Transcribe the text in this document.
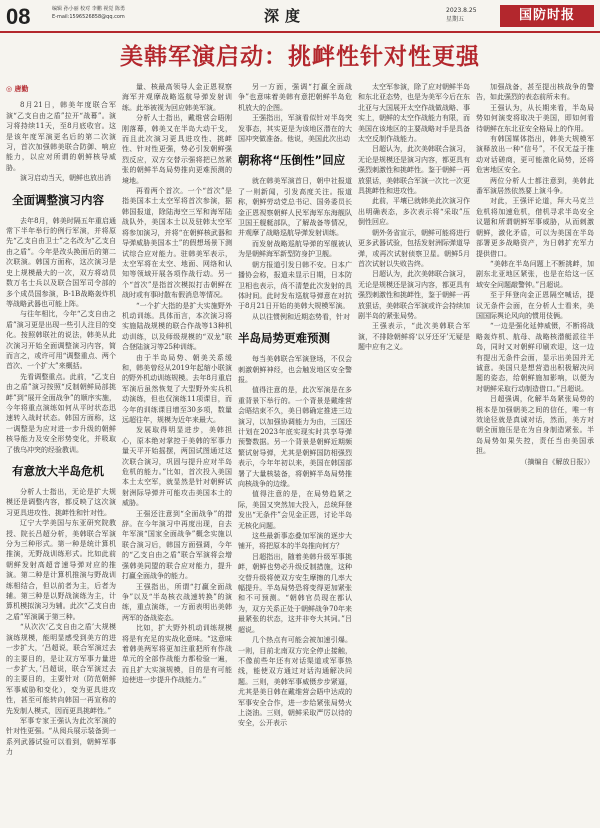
08	编辑 孙小丽 校对 李鹏 视觉 陈勇
E-mail:1596526858@qq.com	深度	2023.8.25
星期五	国防时报
美韩军演启动：挑衅性针对性更强
◎ 唐勤

8月21日，韩美年度联合军演“乙支自由之盾”拉开“战幕”。演习将持续11天，至8月底收官。这是该年度军演更名后的第二次演习，首次加强韩美联合防御、响应能力，以应对所谓的朝鲜核导威胁。

演习启动当天，朝鲜也放出消

全面调整演习内容

去年8月，韩美时隔五年重启通常下半年举行的例行军演，并将原先“乙支自由卫士”之名改为“乙支自由之盾”。今年是改头换面后的第二次联演。韩国方面称，这次演习是史上规模最大的一次，双方将动员数万名士兵以及联合国军司令部的多个成员国参演，B-1B战略轰炸机等战略武器也可能上阵。

与往年相比，今年“乙支自由之盾”演习更是出现一些引人注目的变化。按照韩联社的说法，韩美从此次演习开始全面调整演习内容，简而言之，或许可用“调整重点、两个首次、一个扩大”来概括。

先看调整重点。此前，“乙支自由之盾”演习按照“反制朝鲜局部挑衅”到“展开全面战争”的顺序实施，今年将重点演练如何从平时状态迅速转入战时状态。韩国方面称，这一调整是为应对进一步升级的朝鲜核导能力及安全形势变化，并吸取了俄乌冲突的经验教训。

有意放大半岛危机

分析人士指出，无论是扩大规模还是调整内容，都反映了这次演习更具进攻性、挑衅性和针对性。

辽宁大学美国与东亚研究院教授、院长吕超分析，美韩联合军演分为三种形式。第一种是统计算机推演，无野战训练形式。比如此前朝鲜发射高超音速导弹对应的推演。第二种是计算机推演与野战训练相结合，但以前者为主，后者为辅。第三种是以野战演练为主，计算机模拟演习为辅。此次“乙支自由之盾”军演属于第三种。

“从次次‘乙支自由之盾’大规模演练规模，能明显感受到美方的进一步扩大，‘吕超说，联合军演过去的主要目的，是让双方军事力量进一步扩大，’吕超说，联合军演过去的主要目的，主要针对（防范朝鲜军事威胁和变化），变为更具进攻性，甚至可能转向韩国一再宣称的先发制人模式，因而更具挑衅性。”

军事专家王强认为此次军演的针对性更强。“从阅兵展示装备到一系列武器试验可以看到，朝鲜军事力

量、核最高领导人金正恩视察海军并观摩战略巡航导弹发射训练。此举被视为回应韩美军演。

分析人士指出，戴维营会晤刚刚落幕，韩美又在半岛大动干戈，而且此次演习更具进攻性、挑衅性、针对性更强，势必引发朝鲜强烈反应，双方交替示强将把已然紧张的朝鲜半岛局势推向更难预测的境地。

再看两个首次。一个“首次”是指美国本土太空军将首次参演，据韩国报道，除陆海空三军和海军陆战队外，美国本土以及驻韩太空军将参加演习，并将“在朝鲜核武器和导弹威胁美国本土”的假想场景下测试综合应对能力。驻韩美军表示，太空军将在太空、地面、网络和认知等领域开展各项作战行动。另一个“首次”是指首次模拟打击朝鲜在战时或有事时散布假消息等情况。

“一个扩大指的是扩大实施野外机动训练。具体而言，本次演习将实施陆战规模的联合作战等13种机动训练，以及师级规模的“双龙”联合登陆演习等25种训练。

由于半岛局势、朝美关系缓和，韩美曾经从2019年起缩小联演的野外机动训练规模。去年8月重启军演后虽然恢复了大型野外实兵机动演练，但也仅演练11项课目，而今年的训练课目增至30多项，数量远超往年，规模为近年来最大。

发展取得明显进步，美韩担心，原本绝对掌控于美韩的军事力量天平开始摇摆，两国试图通过这次联合演习，巩固与提升应对半岛危机的能力。”比如，首次投入美国本土太空军，就显然是针对朝鲜试射洲际导弹并可能攻击美国本土的威胁。

王强还注意到“全面战争”的措辞。在今年演习中再度出现，自去年军演“国家全面战争”概念实施以联合演习后，韩国方面强调，今年的“乙支自由之盾”联合军演将会增强韩美同盟的联合应对能力，提升打赢全面战争的能力。

王强指出，所谓“打赢全面战争”以及“半岛核衣战速转换”的演练，重点演练，一方面表明出美韩两军的备战姿态。

比如，扩大野外机动训练规模将是有充足的实战化意味。“这意味着韩美两军将更加注重把所有作战单元的全部作战能力都检验一遍，而且扩大实演规模，目的是有可能迫使进一步提升作战能力。”

另一方面，强调“打赢全面战争”也意味着美韩有意把朝鲜半岛危机放大的企图。

王强指出，军演看似针对半岛突发事态，其实更是为该地区潜在的大国冲突做准备。他说，美国此次出动

朝称将“压倒性”回应

就在韩美军演首日，朝中社报道了一则新闻，引发高度关注。报道称，朝鲜劳动党总书记、国务委员长金正恩视察朝鲜人民军海军东海舰队卫国王舰艇部队，了解战备等情况，并观摩了战略巡航导弹发射训练。

而发射战略巡航导弹的军舰被认为是朝鲜海军新型防身护卫舰。

朝方报道引发日韩不安。日本广播协会称，报道未显示日期，日本防卫相也表示，尚不清楚此次发射的具体时间。此时发布巡航导弹意在对抗于8月21日开始的美韩大规模军演。

从以往惯例和近期态势看，针对

半岛局势更难预测

每当美韩联合军演登场，不仅会刺激朝鲜神经，也会触发地区安全警报。

值得注意的是，此次军演是在多重背景下举行的。一个背景是戴维营会晤结束不久，美日韩确定推进三边演习，以加强协调能力为由，三国还计划在2023年底实现实时共享导弹预警数据。另一个背景是朝鲜近期频繁试射导弹，尤其是朝鲜国防相强烈表示，今年年初以来，美国在韩国部署了大量核装备，将朝鲜半岛局势推向核战争的边缘。

值得注意的是，在局势趋紧之际，美国又突然加大投入，总统拜登发出“无条件”会见金正恩，讨论半岛无核化问题。

这些最新事态叠加军演的逐步大铺开，将把原本的半岛推向何方？

吕超指出，随着美韩升级军事挑衅，朝鲜也势必升级反制措施，这种交替升级将使双方安生摩擦的几率大幅提升。半岛局势恐将变得更加紧张和不可预测。“朝韩官员现在都认为，双方关系正处于朝鲜战争70年来最紧张的状态，这并非夸大其词。”吕超说。

几个热点有可能会被加速引爆。一则，目前北南双方完全停止接触，不像前些年还有对话渠道或军事热线，能使双方通过对话沟通解决问题。三则，美韩军事威慑步步紧逼，尤其是美日韩在戴维营会晤中达成的军事安全合作，进一步给紧张局势火上浇油。三则，朝鲜采取严厉以待的安全，公开表示

太空军参演，除了应对朝鲜半岛和东北亚态势，也是为美军今后在东北亚与大国展开太空作战做战略、事实上，朝鲜的太空作战能力有限，而美国在该地区的主要战略对手是具备太空反制作战能力。

吕超认为，此次美韩联合演习，无论是规模还是演习内容，都更具有强烈刺激性和挑衅性。鉴于朝鲜一再放狠话，美韩联合军演一次比一次更具挑衅性和进攻性。

此前，平壤已就韩美此次演习作出明确表态，多次表示将“采取”压倒性回应。

朝外务省宣示，朝鲜可能将进行更多武器试验，包括发射洲际弹道导弹，或再次试射侦察卫星。朝鲜5月首次试射以失败告终。

吕超认为，此次美韩联合演习，无论是规模还是演习内容，都更具有强烈刺激性和挑衅性，鉴于朝鲜一再放狠话，美韩联合军演或许会持续加剧半岛的紧张局势。

王强表示，“此次美韩联合军演，不排除朝鲜将‘以牙还牙’无疑是题中应有之义。

加强战备，甚至提出核战争的警告，如此强烈的表态前所未有。

王强认为，从长期来看，半岛局势如何演变将取决于美国，即如何看待朝鲜在东北亚安全格局上的作用。

有韩国媒体指出，韩美大规模军演释放出一种“信号”，不仅无益于推动对话磋商，更可能激化局势，还将危害地区安全。

两位分析人士都注意到，美韩此番军演居然依然要上演斗争。

对此，王强评论道，拜大马克兰危机将加速危机，借机寻求半岛安全议题和所谓朝鲜军事威胁，从而刺激朝鲜，激化矛盾，可以为美国在半岛部署更多战略资产，为日韩扩充军力提供借口。

“美韩在半岛问题上不断挑衅，加剧东北亚地区紧张，也是在给这一区域安全问题敲警钟。”吕超说。

至于拜登向金正恩隔空喊话，提议无条件会面，在分析人士看来，美国国际舆论风向的惯用伎俩。

“一边是强化延伸威慑，不断将战略轰炸机、航母、战略核潜艇派往半岛，同时又对朝鲜印刷欢迎，这一边有提出无条件会面，显示出美国并无诚意。美国只是想营造出积极解决问题的姿态，给朝鲜施加影响，以便为对朝鲜采取行动制造借口。”吕超说。

吕超强调，化解半岛紧张局势的根本是加强朝美之间的信任，唯一有效途径就是真诚对话，然而，美方对朝全面施压是在为自身制造紧张。半岛局势如果失控，责任当由美国承担。

（摘编自《解放日报》）
